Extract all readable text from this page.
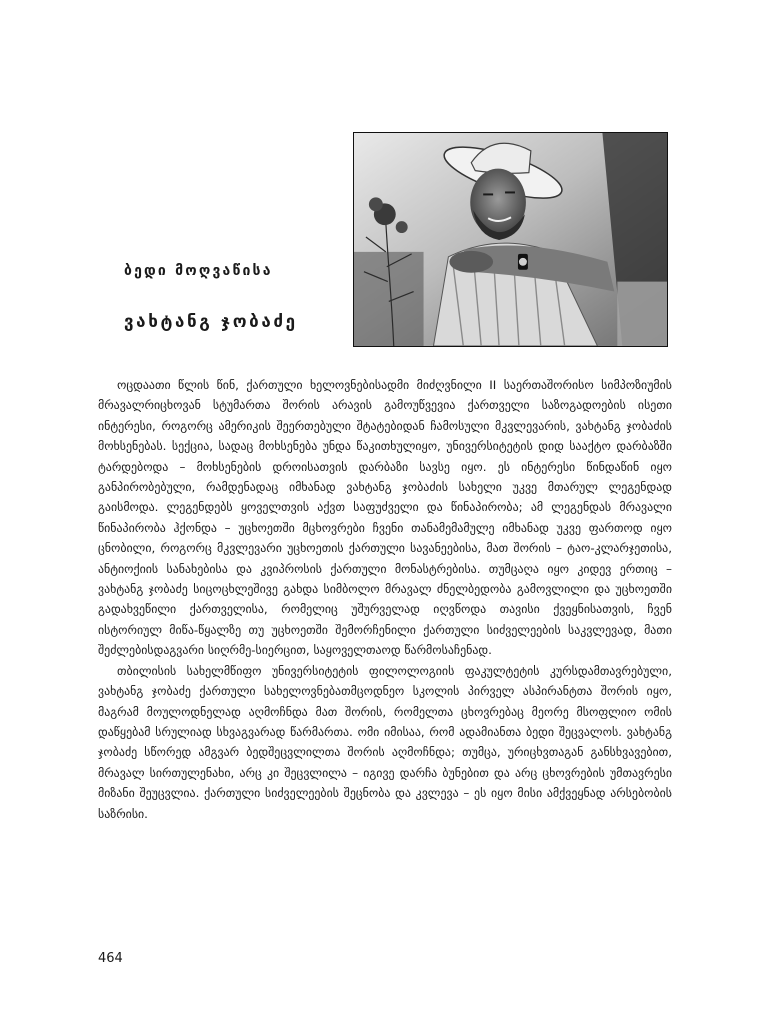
ბედი მოღვაწისა
ვახტანგ ჯობაძე

ოცდაათი წლის წინ, ქართული ხელოვნებისადმი მიძღვნილი II საერთაშორისო სიმპოზიუმის მრავალრიცხოვან სტუმართა შორის არავის გამოუწვევია ქართველი საზოგადოების ისეთი ინტერესი, როგორც ამერიკის შეერთებული შტატებიდან ჩამოსული მკვლევარის, ვახტანგ ჯობაძის მოხსენებას. სექცია, სადაც მოხსენება უნდა წაკითხულიყო, უნივერსიტეტის დიდ სააქტო დარბაზში ტარდებოდა – მოხსენების დროისათვის დარბაზი სავსე იყო. ეს ინტერესი წინდაწინ იყო განპირობებული, რამდენადაც იმხანად ვახტანგ ჯობაძის სახელი უკვე მთარულ ლეგენდად გაისმოდა. ლეგენდებს ყოველთვის აქვთ საფუძველი და წინაპირობა; ამ ლეგენდას მრავალი წინაპირობა ჰქონდა – უცხოეთში მცხოვრები ჩვენი თანამემამულე იმხანად უკვე ფართოდ იყო ცნობილი, როგორც მკვლევარი უცხოეთის ქართული სავანეებისა, მათ შორის – ტაო-კლარჯეთისა, ანტიოქიის სანახებისა და კვიპროსის ქართული მონასტრებისა. თუმცაღა იყო კიდევ ერთიც – ვახტანგ ჯობაძე სიცოცხლეშივე გახდა სიმბოლო მრავალ ძნელბედობა გამოვლილი და უცხოეთში გადახვეწილი ქართველისა, რომელიც უშურველად იღვწოდა თავისი ქვეყნისათვის, ჩვენ ისტორიულ მიწა-წყალზე თუ უცხოეთში შემორჩენილი ქართული სიძველეების საკვლევად, მათი შეძლებისდაგვარი სიღრმე-სიერცით, საყოველთაოდ წარმოსაჩენად.

თბილისის სახელმწიფო უნივერსიტეტის ფილოლოგიის ფაკულტეტის კურსდამთავრებული, ვახტანგ ჯობაძე ქართული სახელოვნებათმცოდნეო სკოლის პირველ ასპირანტთა შორის იყო, მაგრამ მოულოდნელად აღმოჩნდა მათ შორის, რომელთა ცხოვრებაც მეორე მსოფლიო ომის დაწყებამ სრულიად სხვაგვარად წარმართა. ომი იმისაა, რომ ადამიანთა ბედი შეცვალოს. ვახტანგ ჯობაძე სწორედ ამგვარ ბედშეცვლილთა შორის აღმოჩნდა; თუმცა, ურიცხვთაგან განსხვავებით, მრავალ სირთულენახი, არც კი შეცვლილა – იგივე დარჩა ბუნებით და არც ცხოვრების უმთავრესი მიზანი შეუცვლია. ქართული სიძველეების შეცნობა და კვლევა – ეს იყო მისი ამქვეყნად არსებობის საზრისი.

464
